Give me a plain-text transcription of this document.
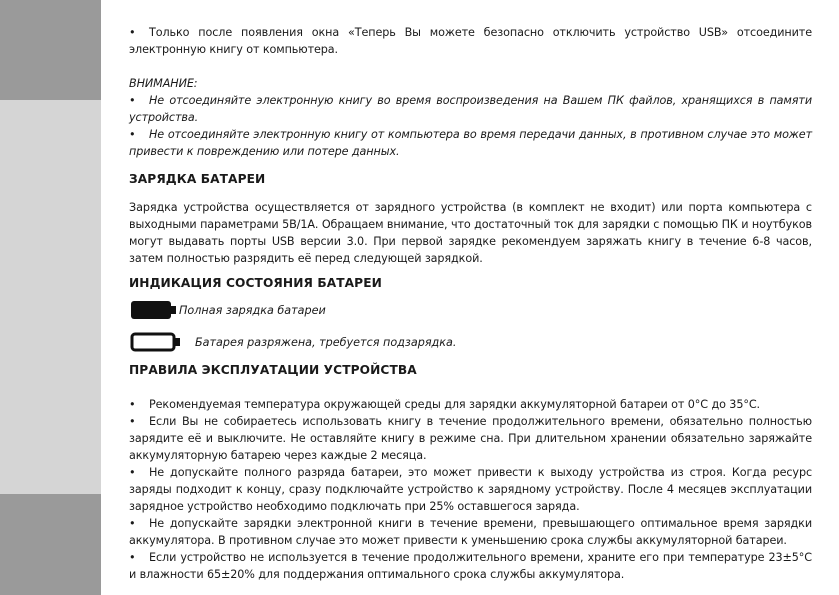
• Только после появления окна «Теперь Вы можете безопасно отключить устройство USB» отсоедините электронную книгу от компьютера.

ВНИМАНИЕ:

• Не отсоединяйте электронную книгу во время воспроизведения на Вашем ПК файлов, хранящихся в памяти устройства.

• Не отсоединяйте электронную книгу от компьютера во время передачи данных, в противном случае это может привести к повреждению или потере данных.

ЗАРЯДКА БАТАРЕИ

Зарядка устройства осуществляется от зарядного устройства (в комплект не входит) или порта компьютера с выходными параметрами 5В/1А. Обращаем внимание, что достаточный ток для зарядки с помощью ПК и ноутбуков могут выдавать порты USB версии 3.0. При первой зарядке рекомендуем заряжать книгу в течение 6-8 часов, затем полностью разрядить её перед следующей зарядкой.

ИНДИКАЦИЯ СОСТОЯНИЯ БАТАРЕИ
Полная зарядка батареи
Батарея разряжена, требуется подзарядка.
ПРАВИЛА ЭКСПЛУАТАЦИИ УСТРОЙСТВА

• Рекомендуемая температура окружающей среды для зарядки аккумуляторной батареи от 0°С до 35°С.

• Если Вы не собираетесь использовать книгу в течение продолжительного времени, обязательно полностью зарядите её и выключите. Не оставляйте книгу в режиме сна. При длительном хранении обязательно заряжайте аккумуляторную батарею через каждые 2 месяца.

• Не допускайте полного разряда батареи, это может привести к выходу устройства из строя. Когда ресурс заряды подходит к концу, сразу подключайте устройство к зарядному устройству. После 4 месяцев эксплуатации зарядное устройство необходимо подключать при 25% оставшегося заряда.

• Не допускайте зарядки электронной книги в течение времени, превышающего оптимальное время зарядки аккумулятора. В противном случае это может привести к уменьшению срока службы аккумуляторной батареи.

• Если устройство не используется в течение продолжительного времени, храните его при температуре 23±5°С и влажности 65±20% для поддержания оптимального срока службы аккумулятора.
